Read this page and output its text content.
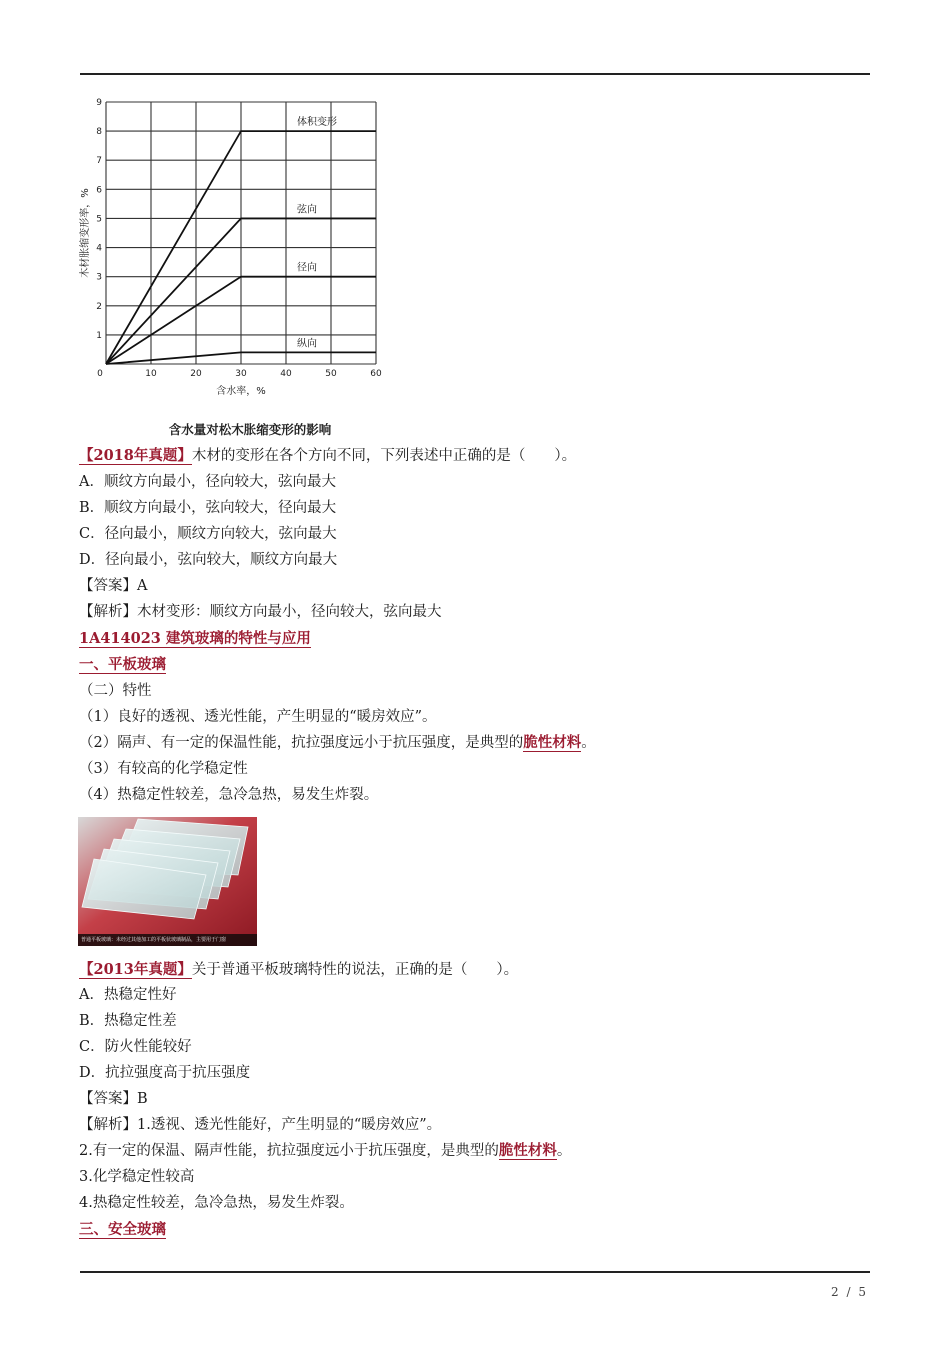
0	10	20	30	40	50	60
1
2
3
4
5
6
7
8
9
体积变形
弦向
径向
纵向
含水率，%
木材胀缩变形率，%
含水量对松木胀缩变形的影响
【2018年真题】木材的变形在各个方向不同，下列表述中正确的是（　　）。
A．顺纹方向最小，径向较大，弦向最大
B．顺纹方向最小，弦向较大，径向最大
C．径向最小，顺纹方向较大，弦向最大
D．径向最小，弦向较大，顺纹方向最大
【答案】A
【解析】木材变形：顺纹方向最小，径向较大，弦向最大
1A414023 建筑玻璃的特性与应用
一、平板玻璃
（二）特性
（1）良好的透视、透光性能，产生明显的“暖房效应”。
（2）隔声、有一定的保温性能，抗拉强度远小于抗压强度，是典型的脆性材料。
（3）有较高的化学稳定性
（4）热稳定性较差，急冷急热，易发生炸裂。
普通平板玻璃：未经过其他加工的平板状玻璃制品，主要用于门窗
【2013年真题】关于普通平板玻璃特性的说法，正确的是（　　）。
A．热稳定性好
B．热稳定性差
C．防火性能较好
D．抗拉强度高于抗压强度
【答案】B
【解析】1.透视、透光性能好，产生明显的“暖房效应”。
2.有一定的保温、隔声性能，抗拉强度远小于抗压强度，是典型的脆性材料。
3.化学稳定性较高
4.热稳定性较差，急冷急热，易发生炸裂。
三、安全玻璃
2 / 5
